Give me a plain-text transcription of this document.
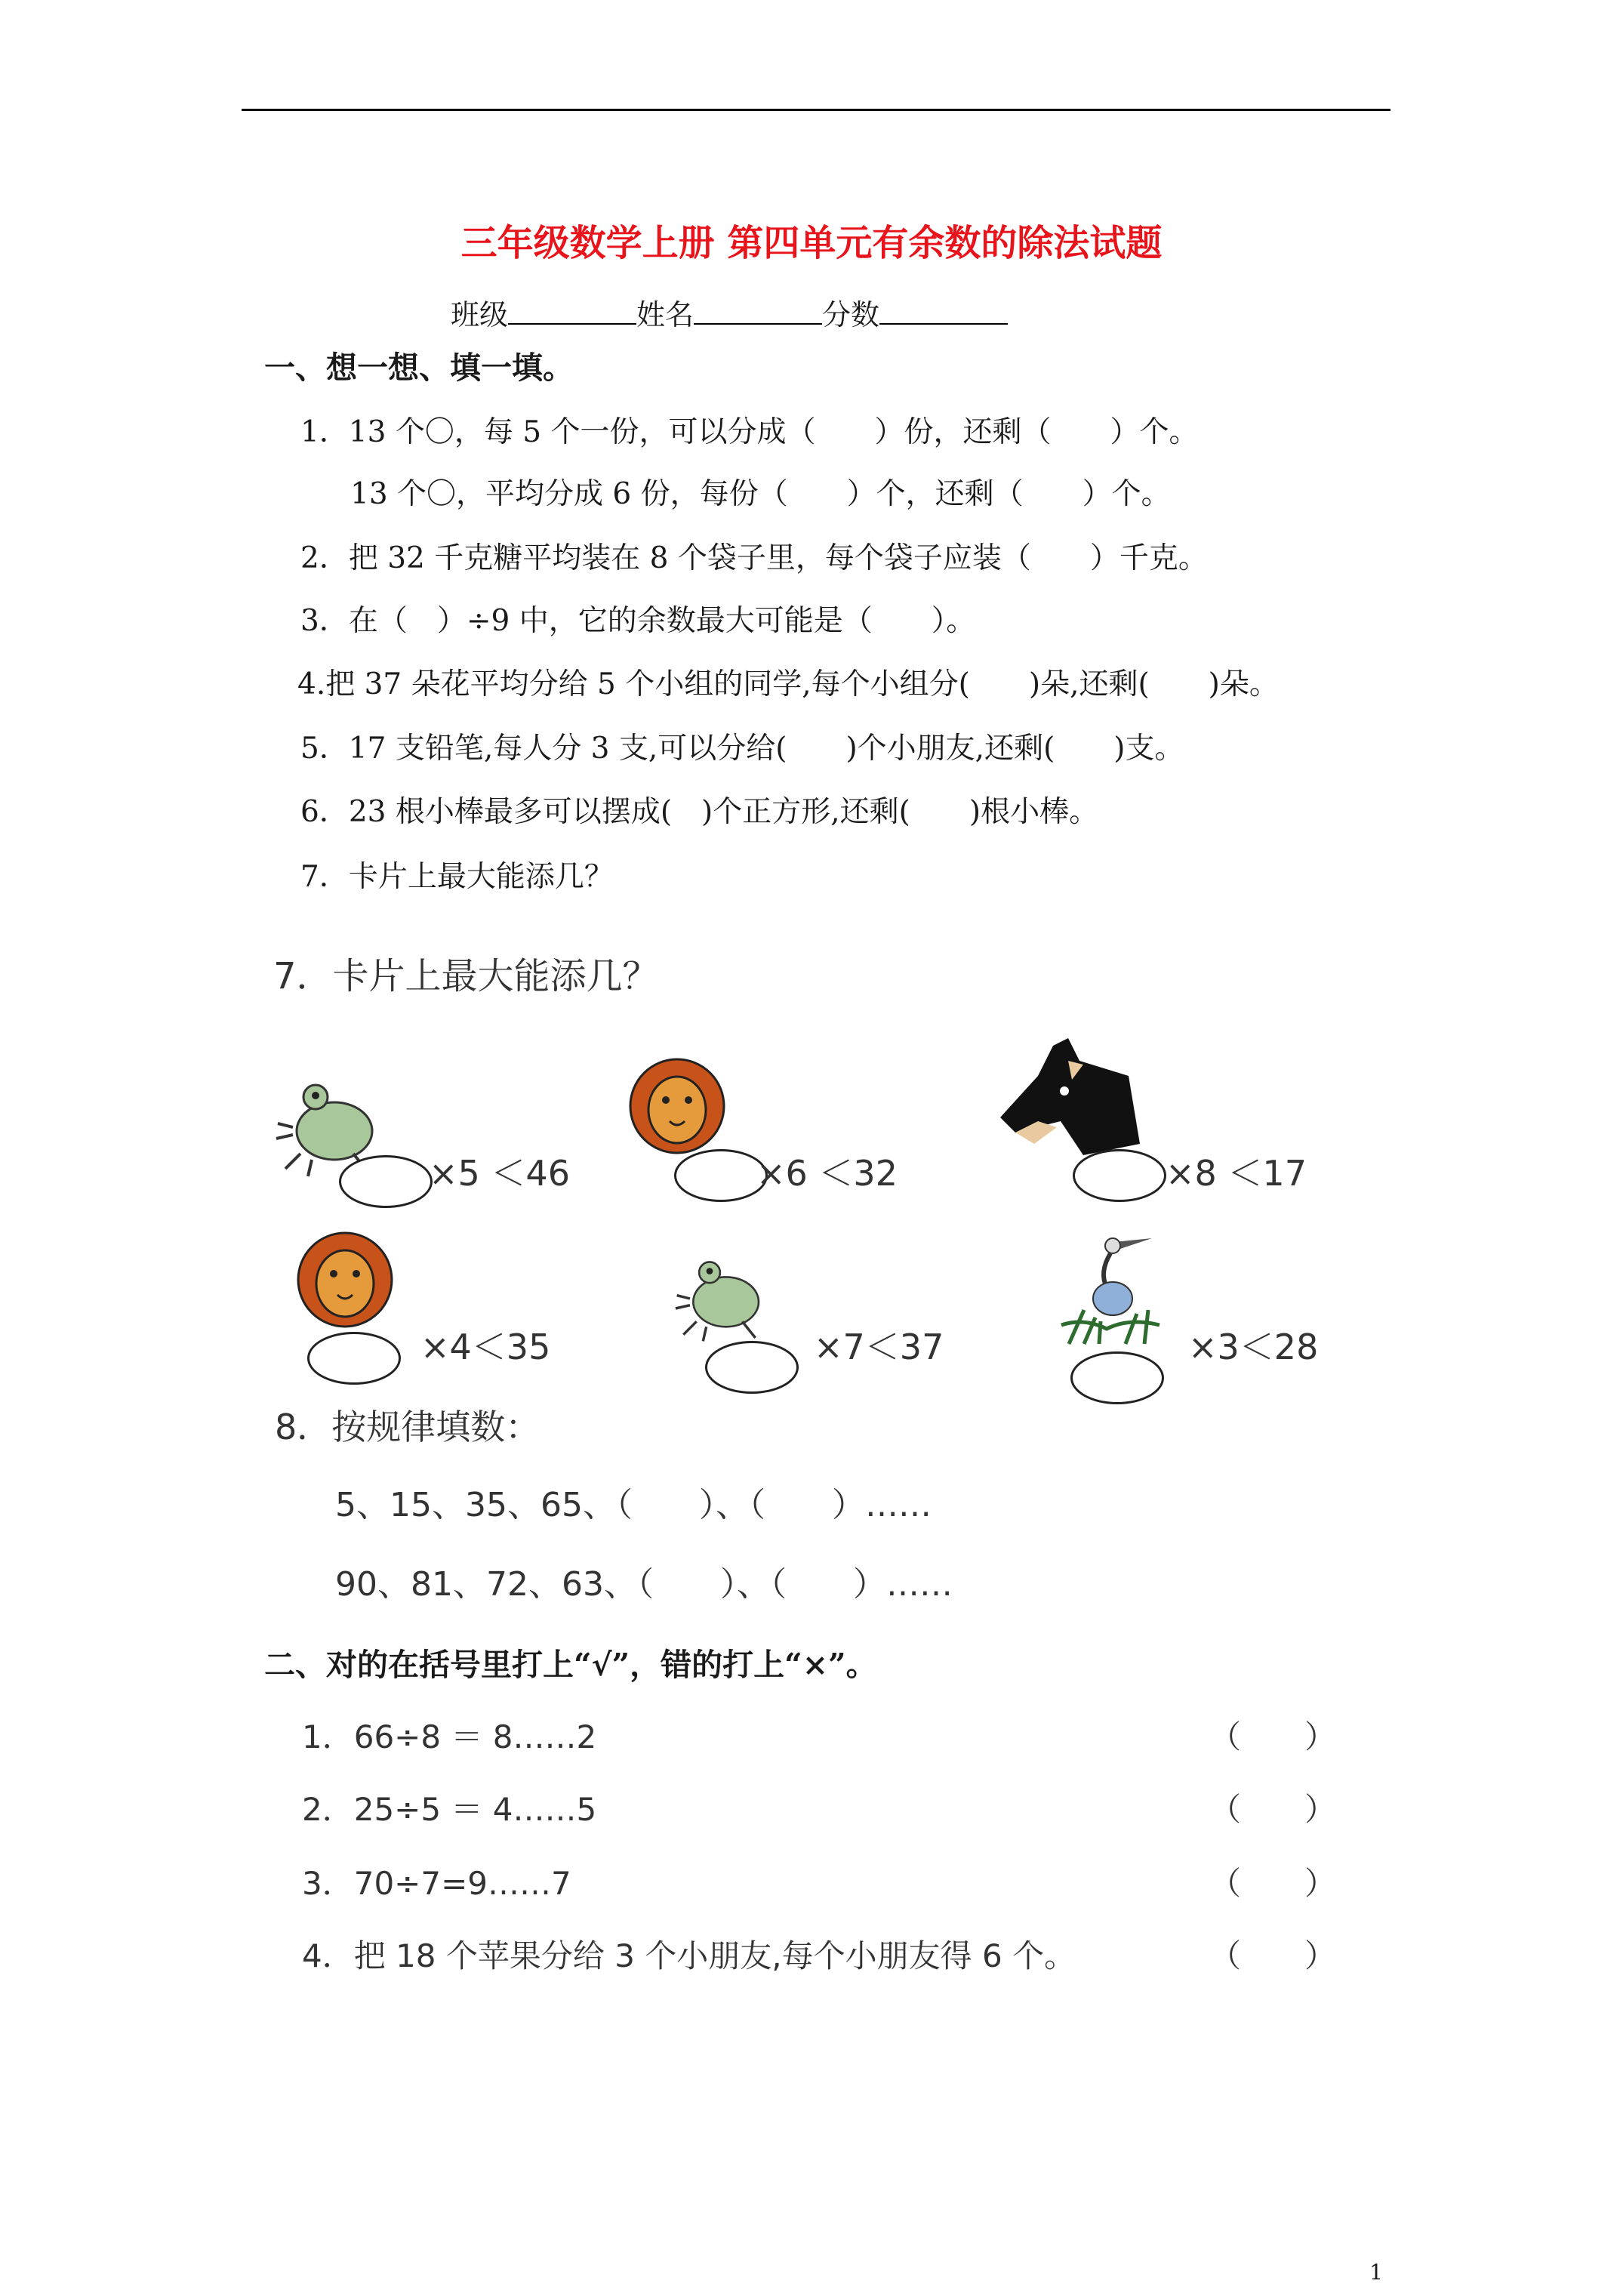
三年级数学上册 第四单元有余数的除法试题
班级	姓名	分数
一、想一想、填一填。
1．13 个〇，每 5 个一份，可以分成（　　）份，还剩（　　）个。
13 个〇，平均分成 6 份，每份（　　）个，还剩（　　）个。
2．把 32 千克糖平均装在 8 个袋子里，每个袋子应装（　　）千克。
3．在（　）÷9 中，它的余数最大可能是（　　）。
4.把 37 朵花平均分给 5 个小组的同学,每个小组分(　　)朵,还剩(　　)朵。
5．17 支铅笔,每人分 3 支,可以分给(　　)个小朋友,还剩(　　)支。
6．23 根小棒最多可以摆成(　)个正方形,还剩(　　)根小棒。
7．卡片上最大能添几？
7．卡片上最大能添几？
×5 ＜46	×6 ＜32	×8 ＜17
×4＜35	×7＜37	×3＜28
8．按规律填数：
5、15、35、65、（　　）、（　　）……
90、81、72、63、（　　）、（　　）……
二、对的在括号里打上“√”，错的打上“×”。
1．66÷8 ＝ 8……2	（　　）
2．25÷5 ＝ 4……5	（　　）
3．70÷7=9……7	（　　）
4．把 18 个苹果分给 3 个小朋友,每个小朋友得 6 个。	（　　）
1
